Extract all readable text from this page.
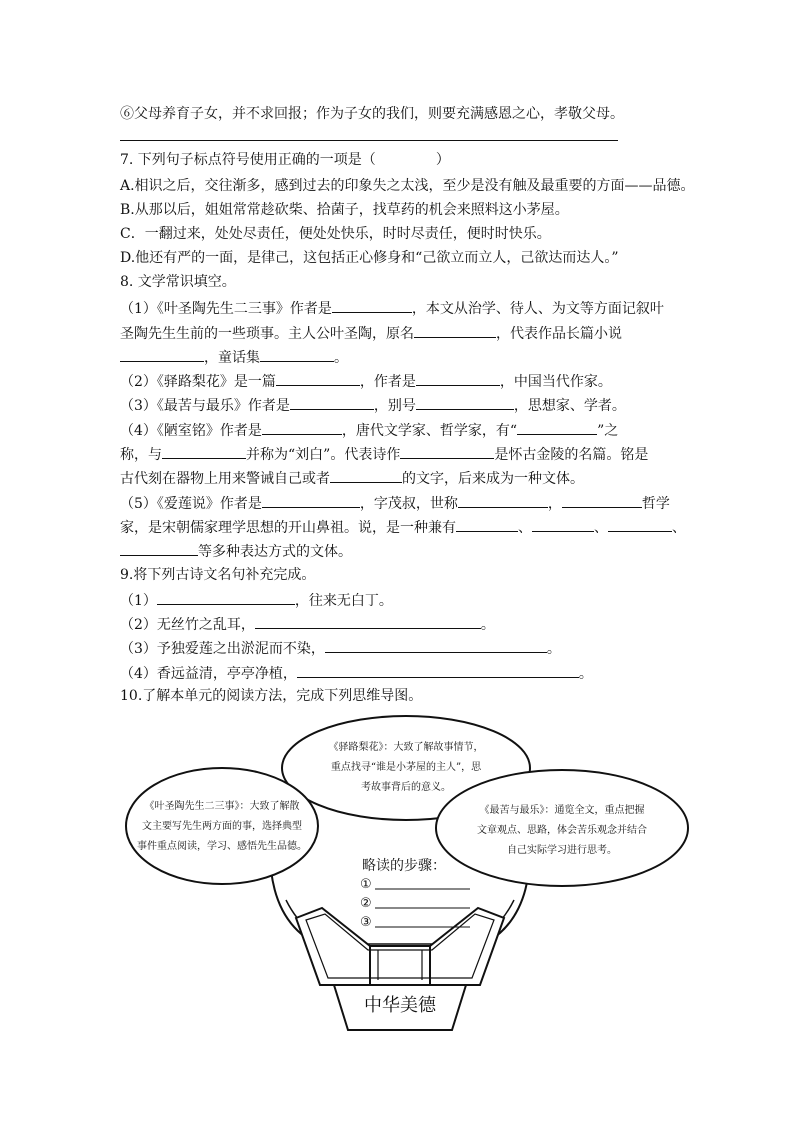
⑥父母养育子女，并不求回报；作为子女的我们，则要充满感恩之心，孝敬父母。
7. 下列句子标点符号使用正确的一项是（	）
A.相识之后，交往渐多，感到过去的印象失之太浅，至少是没有触及最重要的方面——品德。
B.从那以后，姐姐常常趁砍柴、拾菌子，找草药的机会来照料这小茅屋。
C．一翻过来，处处尽责任，便处处快乐，时时尽责任，便时时快乐。
D.他还有严的一面，是律己，这包括正心修身和“己欲立而立人，己欲达而达人。”
8. 文学常识填空。
（1）《叶圣陶先生二三事》作者是	，本文从治学、待人、为文等方面记叙叶
圣陶先生生前的一些琐事。主人公叶圣陶，原名	，代表作品长篇小说
，童话集	。
（2）《驿路梨花》是一篇	，作者是	，中国当代作家。
（3）《最苦与最乐》作者是	，别号	，思想家、学者。
（4）《陋室铭》作者是	，唐代文学家、哲学家，有“	”之
称，与	并称为“刘白”。代表诗作	是怀古金陵的名篇。铭是
古代刻在器物上用来警诫自己或者	的文字，后来成为一种文体。
（5）《爱莲说》作者是	，字茂叔，世称	，	哲学
家，是宋朝儒家理学思想的开山鼻祖。说，是一种兼有	、	、	、
等多种表达方式的文体。
9.将下列古诗文名句补充完成。
（1）	，往来无白丁。
（2）无丝竹之乱耳，	。
（3）予独爱莲之出淤泥而不染，	。
（4）香远益清，亭亭净植，	。
10.了解本单元的阅读方法，完成下列思维导图。
中华美德
《驿路梨花》：大致了解故事情节，
重点找寻“谁是小茅屋的主人”，思
考故事背后的意义。
《叶圣陶先生二三事》：大致了解散
文主要写先生两方面的事，选择典型
事件重点阅读，学习、感悟先生品德。
《最苦与最乐》：通览全文，重点把握
文章观点、思路，体会苦乐观念并结合
自己实际学习进行思考。
略读的步骤：
①
②
③
